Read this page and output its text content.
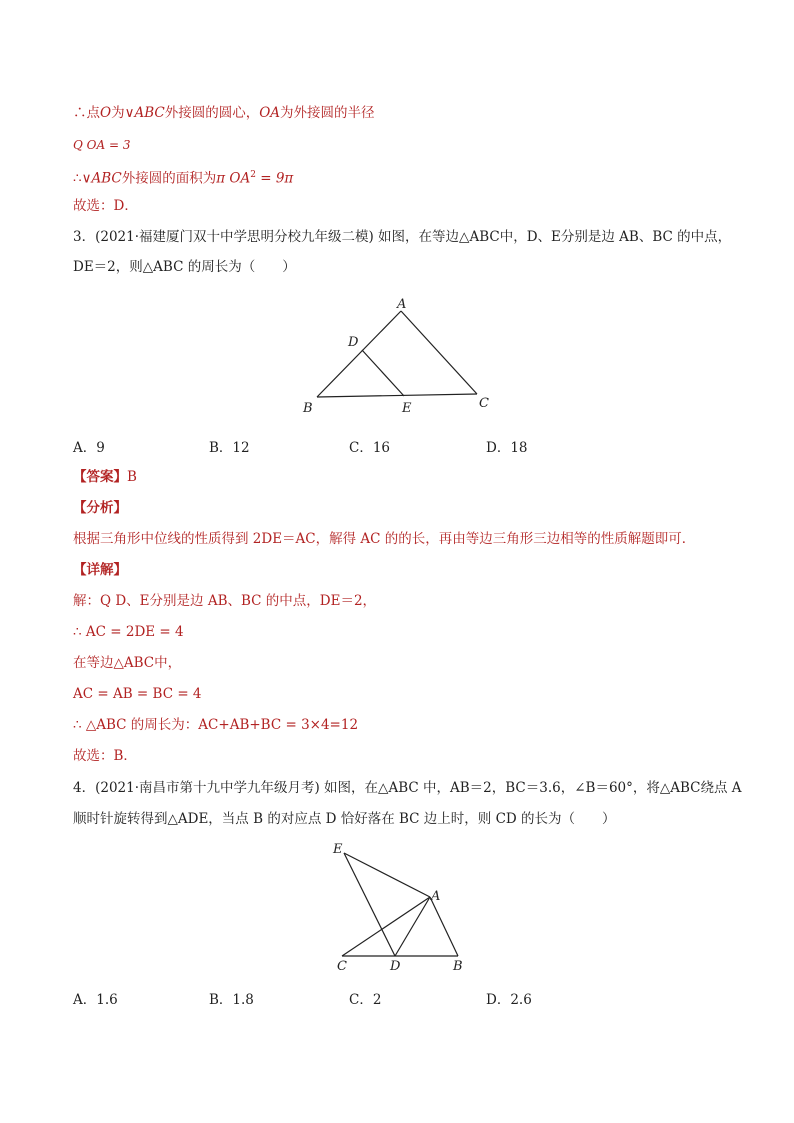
∴点O为∨ABC外接圆的圆心，OA为外接圆的半径
Q OA = 3
∴∨ABC外接圆的面积为π $OA^2 = 9\pi$
故选：D．
3．(2021·福建厦门双十中学思明分校九年级二模) 如图，在等边△ABC中，D、E分别是边 AB、BC 的中点，
DE＝2，则△ABC 的周长为（　　）
A
D
B	E	C
A．9	B．12	C．16	D．18
【答案】B
【分析】
根据三角形中位线的性质得到 2DE＝AC，解得 AC 的的长，再由等边三角形三边相等的性质解题即可．
【详解】
解：Q D、E分别是边 AB、BC 的中点，DE＝2，
∴ AC = 2DE = 4
在等边△ABC中，
AC = AB = BC = 4
∴ △ABC 的周长为：AC+AB+BC = 3×4=12
故选：B．
4．(2021·南昌市第十九中学九年级月考) 如图，在△ABC 中，AB＝2，BC＝3.6，∠B＝60°，将△ABC绕点 A
顺时针旋转得到△ADE，当点 B 的对应点 D 恰好落在 BC 边上时，则 CD 的长为（　　）
E
A
C	D	B
A．1.6	B．1.8	C．2	D．2.6
